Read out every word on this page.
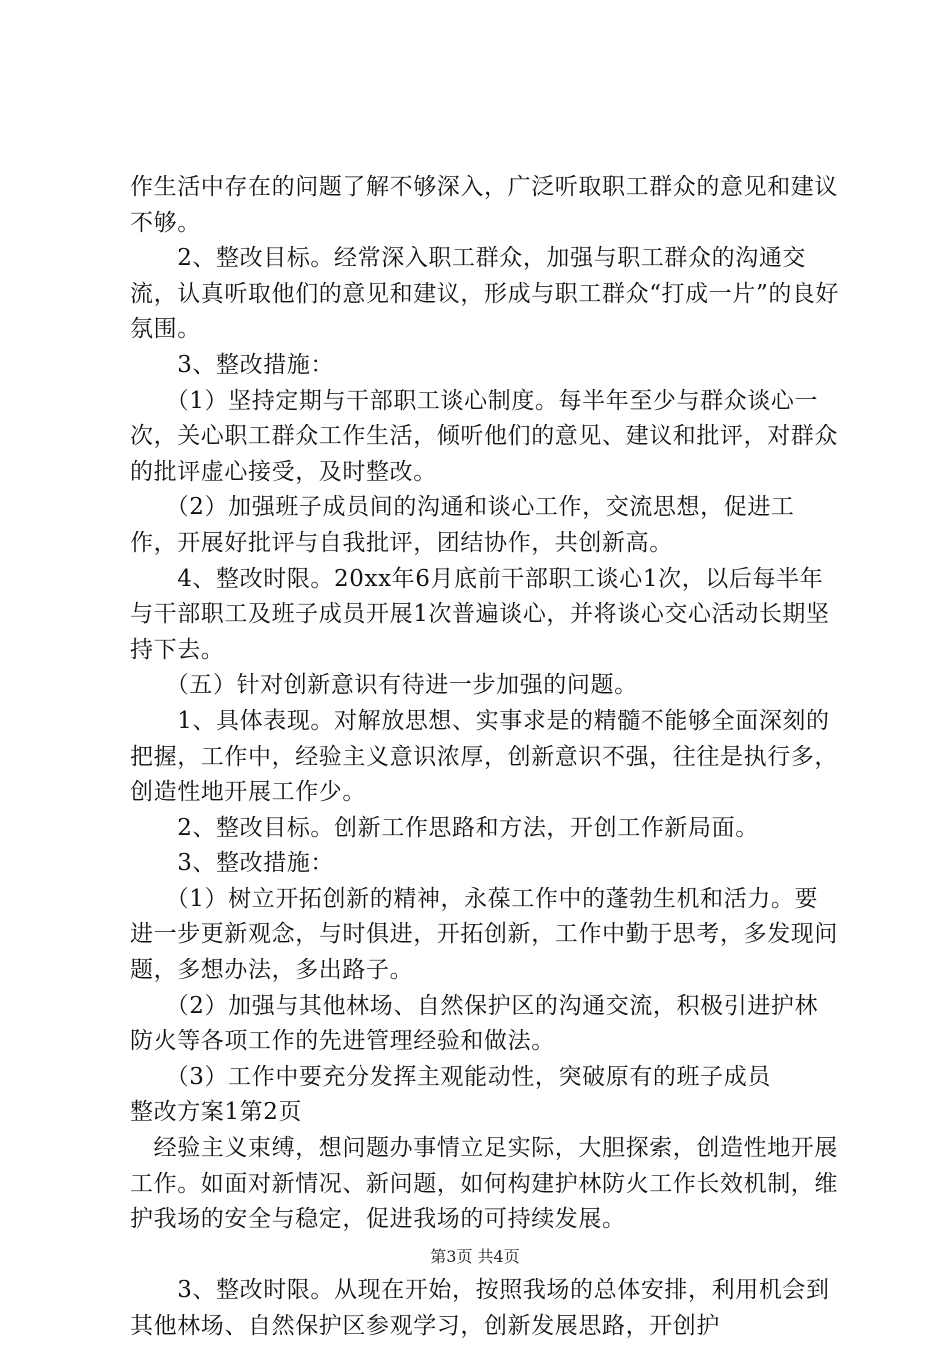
作生活中存在的问题了解不够深入，广泛听取职工群众的意见和建议不够。

　　2、整改目标。经常深入职工群众，加强与职工群众的沟通交流，认真听取他们的意见和建议，形成与职工群众“打成一片”的良好氛围。

　　3、整改措施：

　　（1）坚持定期与干部职工谈心制度。每半年至少与群众谈心一次，关心职工群众工作生活，倾听他们的意见、建议和批评，对群众的批评虚心接受，及时整改。

　　（2）加强班子成员间的沟通和谈心工作，交流思想，促进工作，开展好批评与自我批评，团结协作，共创新高。

　　4、整改时限。20xx年6月底前干部职工谈心1次，以后每半年与干部职工及班子成员开展1次普遍谈心，并将谈心交心活动长期坚持下去。

　　（五）针对创新意识有待进一步加强的问题。

　　1、具体表现。对解放思想、实事求是的精髓不能够全面深刻的把握，工作中，经验主义意识浓厚，创新意识不强，往往是执行多，创造性地开展工作少。

　　2、整改目标。创新工作思路和方法，开创工作新局面。

　　3、整改措施：

　　（1）树立开拓创新的精神，永葆工作中的蓬勃生机和活力。要进一步更新观念，与时俱进，开拓创新，工作中勤于思考，多发现问题，多想办法，多出路子。

　　（2）加强与其他林场、自然保护区的沟通交流，积极引进护林防火等各项工作的先进管理经验和做法。

　　（3）工作中要充分发挥主观能动性，突破原有的班子成员

整改方案1第2页

　经验主义束缚，想问题办事情立足实际，大胆探索，创造性地开展工作。如面对新情况、新问题，如何构建护林防火工作长效机制，维护我场的安全与稳定，促进我场的可持续发展。

　　3、整改时限。从现在开始，按照我场的总体安排，利用机会到其他林场、自然保护区参观学习，创新发展思路，开创护

第3页 共4页
